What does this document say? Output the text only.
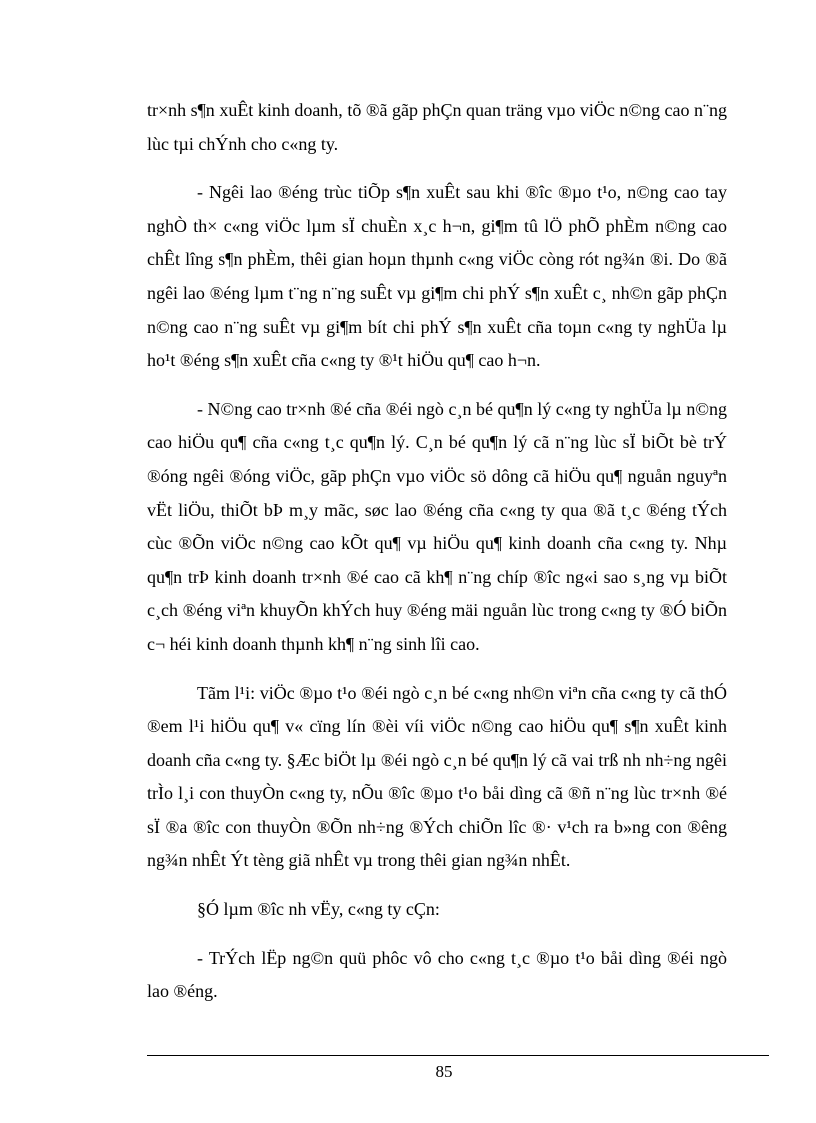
tr×nh s¶n xuÊt kinh doanh, tõ ®ã gãp phÇn quan träng vµo viÖc n©ng cao n¨ng lùc tµi chÝnh cho c«ng ty.

- Ngêi lao ®éng trùc tiÕp s¶n xuÊt sau khi ®îc ®µo t¹o, n©ng cao tay nghÒ th× c«ng viÖc lµm sÏ chuÈn x¸c h¬n, gi¶m tû lÖ phÕ phÈm n©ng cao chÊt lîng s¶n phÈm, thêi gian hoµn thµnh c«ng viÖc còng rót ng¾n ®i. Do ®ã ngêi lao ®éng lµm t¨ng n¨ng suÊt vµ gi¶m chi phÝ s¶n xuÊt c¸ nh©n gãp phÇn n©ng cao n¨ng suÊt vµ gi¶m bít chi phÝ s¶n xuÊt cña toµn c«ng ty nghÜa lµ ho¹t ®éng s¶n xuÊt cña c«ng ty ®¹t hiÖu qu¶ cao h¬n.

- N©ng cao tr×nh ®é cña ®éi ngò c¸n bé qu¶n lý c«ng ty nghÜa lµ n©ng cao hiÖu qu¶ cña c«ng t¸c qu¶n lý. C¸n bé qu¶n lý cã n¨ng lùc sÏ biÕt bè trÝ ®óng ngêi ®óng viÖc, gãp phÇn vµo viÖc sö dông cã hiÖu qu¶ nguån nguyªn vËt liÖu, thiÕt bÞ m¸y mãc, søc lao ®éng cña c«ng ty qua ®ã t¸c ®éng tÝch cùc ®Õn viÖc n©ng cao kÕt qu¶ vµ hiÖu qu¶ kinh doanh cña c«ng ty. Nhµ qu¶n trÞ kinh doanh tr×nh ®é cao cã kh¶ n¨ng chíp ®îc ng«i sao s¸ng vµ biÕt c¸ch ®éng viªn khuyÕn khÝch huy ®éng mäi nguån lùc trong c«ng ty ®Ó biÕn c¬ héi kinh doanh thµnh kh¶ n¨ng sinh lîi cao.

Tãm l¹i: viÖc ®µo t¹o ®éi ngò c¸n bé c«ng nh©n viªn cña c«ng ty cã thÓ ®em l¹i hiÖu qu¶ v« cïng lín ®èi víi viÖc n©ng cao hiÖu qu¶ s¶n xuÊt kinh doanh cña c«ng ty. §Æc biÖt lµ ®éi ngò c¸n bé qu¶n lý cã vai trß nh nh÷ng ngêi trÌo l¸i con thuyÒn c«ng ty, nÕu ®îc ®µo t¹o båi dìng cã ®ñ n¨ng lùc tr×nh ®é sÏ ®a ®îc con thuyÒn ®Õn nh÷ng ®Ých chiÕn lîc ®· v¹ch ra b»ng con ®êng ng¾n nhÊt Ýt tèng giã nhÊt vµ trong thêi gian ng¾n nhÊt.

§Ó lµm ®îc nh vËy, c«ng ty cÇn:

- TrÝch lËp ng©n quü phôc vô cho c«ng t¸c ®µo t¹o båi dìng ®éi ngò lao ®éng.

85
